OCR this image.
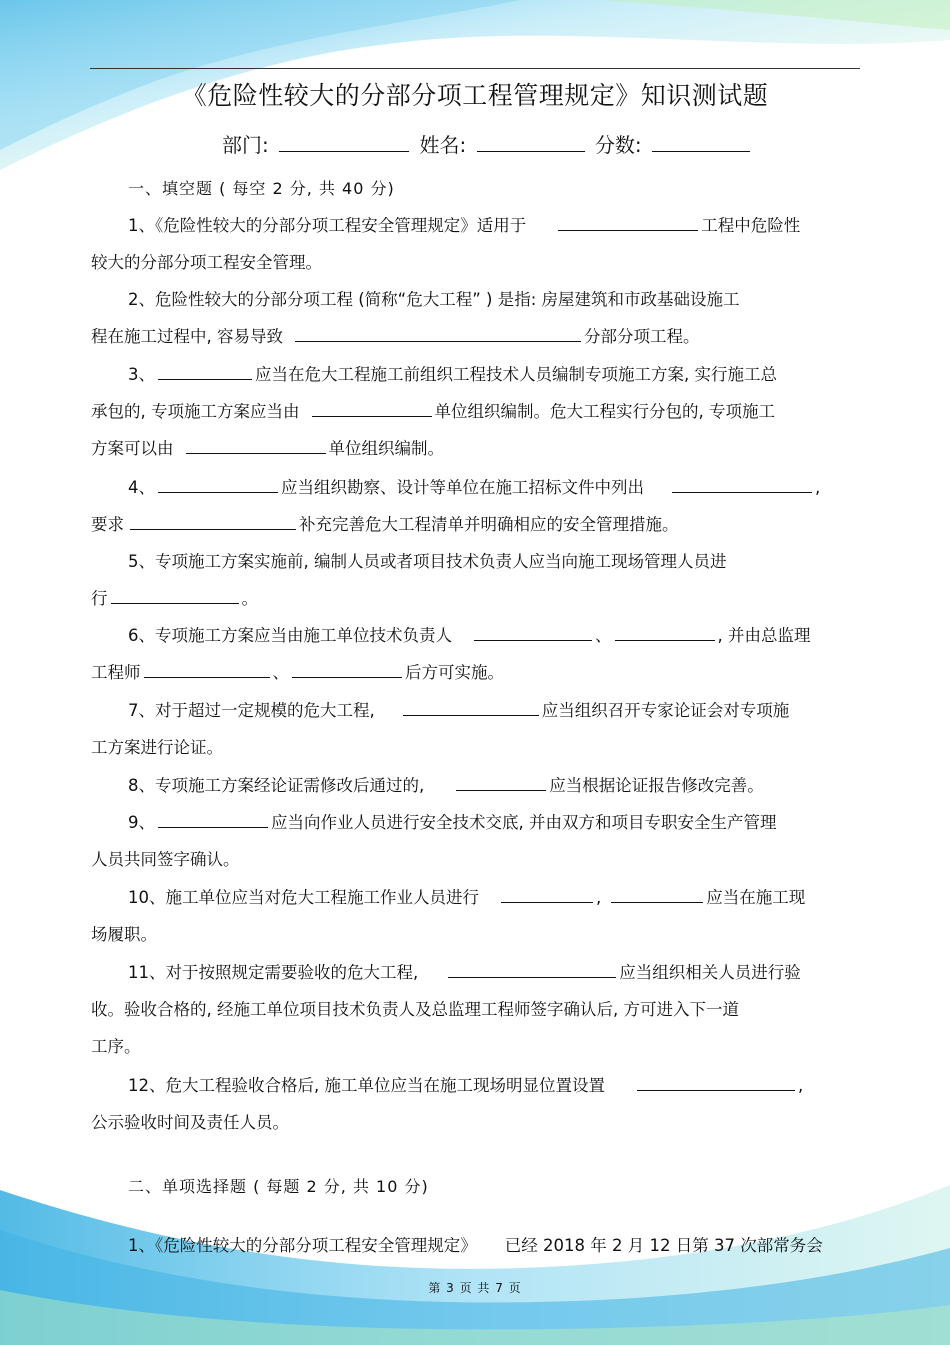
《危险性较大的分部分项工程管理规定》知识测试题
部门:	姓名:	分数:
一、填空题 ( 每空 2 分, 共 40 分)
1、《危险性较大的分部分项工程安全管理规定》适用于	工程中危险性
较大的分部分项工程安全管理。
2、危险性较大的分部分项工程 (简称“危大工程” ) 是指: 房屋建筑和市政基础设施工
程在施工过程中, 容易导致	分部分项工程。
3、	应当在危大工程施工前组织工程技术人员编制专项施工方案, 实行施工总
承包的, 专项施工方案应当由	单位组织编制。危大工程实行分包的, 专项施工
方案可以由	单位组织编制。
4、	应当组织勘察、设计等单位在施工招标文件中列出	,
要求	补充完善危大工程清单并明确相应的安全管理措施。
5、专项施工方案实施前, 编制人员或者项目技术负责人应当向施工现场管理人员进
行	。
6、专项施工方案应当由施工单位技术负责人	、	, 并由总监理
工程师	、	后方可实施。
7、对于超过一定规模的危大工程,	应当组织召开专家论证会对专项施
工方案进行论证。
8、专项施工方案经论证需修改后通过的,	应当根据论证报告修改完善。
9、	应当向作业人员进行安全技术交底, 并由双方和项目专职安全生产管理
人员共同签字确认。
10、施工单位应当对危大工程施工作业人员进行	,	应当在施工现
场履职。
11、对于按照规定需要验收的危大工程,	应当组织相关人员进行验
收。验收合格的, 经施工单位项目技术负责人及总监理工程师签字确认后, 方可进入下一道
工序。
12、危大工程验收合格后, 施工单位应当在施工现场明显位置设置	,
公示验收时间及责任人员。
二、单项选择题 ( 每题 2 分, 共 10 分)
1、《危险性较大的分部分项工程安全管理规定》 已经 2018 年 2 月 12 日第 37 次部常务会
第 3 页 共 7 页
